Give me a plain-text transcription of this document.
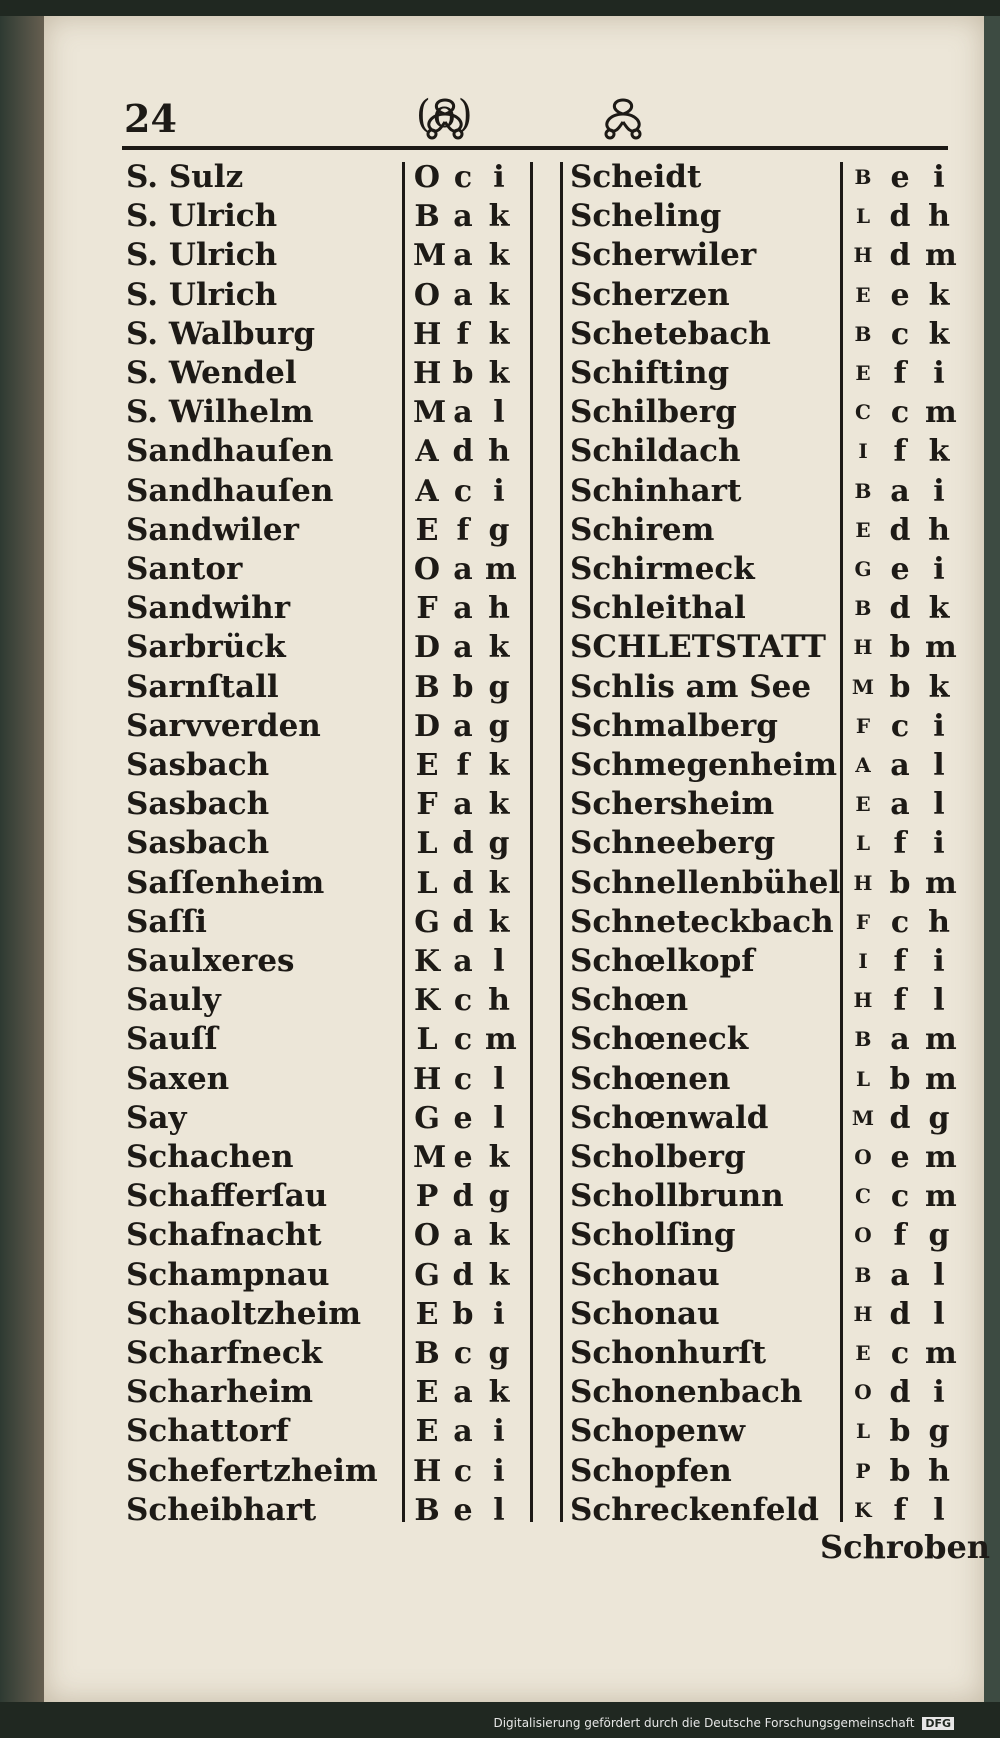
24	(o)
S. Sulz	O c i Scheidt	B e i
S. Ulrich	B a k Scheling	L d h
S. Ulrich	M a k Scherwiler	H d m
S. Ulrich	O a k Scherzen	E e k
S. Walburg	H f k Schetebach	B c k
S. Wendel	H b k Schifting	E f i
S. Wilhelm	M a l Schilberg	C c m
Sandhauſen	A d h Schildach	I f k
Sandhauſen	A c i Schinhart	B a i
Sandwiler	E f g Schirem	E d h
Santor	O a m Schirmeck	G e i
Sandwihr	F a h Schleithal	B d k
Sarbrück	D a k SCHLETSTATT H b m
Sarnſtall	B b g Schlis am See M b k
Sarvverden	D a g Schmalberg	F c i
Sasbach	E f k Schmegenheim A a l
Sasbach	F a k Schersheim	E a l
Sasbach	L d g Schneeberg	L f i
Saſſenheim	L d k Schnellenbühel H b m
Saſſi	G d k Schneteckbach	F c h
Saulxeres	K a l Schœlkopf	I f i
Sauly	K c h Schœn	H f l
Sauſſ	L c m Schœneck	B a m
Saxen	H c l Schœnen	L b m
Say	G e l Schœnwald	M d g
Schachen	M e k Scholberg	O e m
Schafferſau	P d g Schollbrunn	C c m
Schafnacht	O a k Scholſing	O f g
Schampnau	G d k Schonau	B a l
Schaoltzheim E b i Schonau	H d l
Scharfneck	B c g Schonhurſt	E c m
Scharheim	E a k Schonenbach	O d i
Schattorf	E a i Schopenw	L b g
Schefertzheim H c i Schopfen	P b h
Scheibhart	B e l Schreckenfeld K f l
Schroben
Digitalisierung gefördert durch die Deutsche Forschungsgemeinschaft DFG
